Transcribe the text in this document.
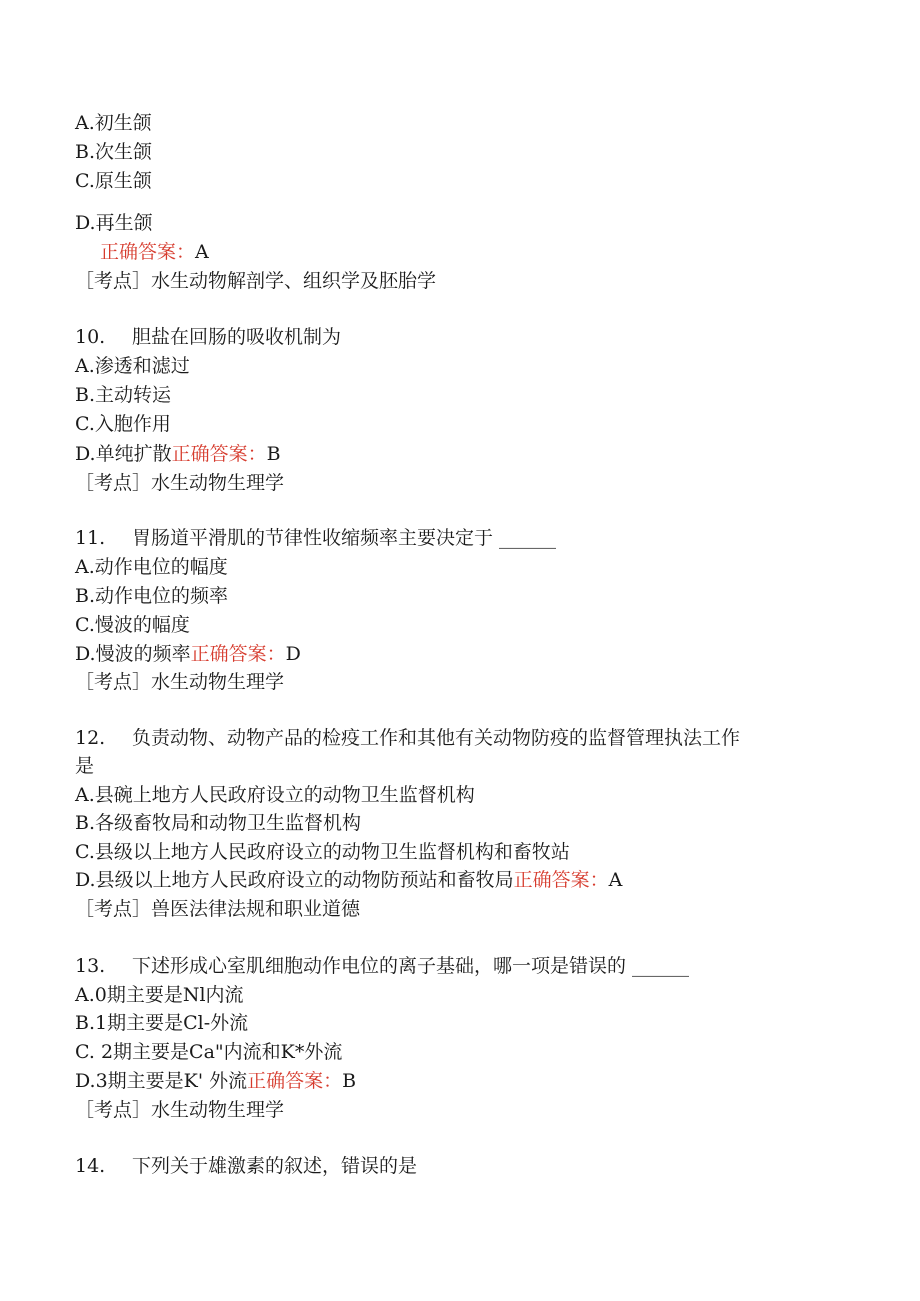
A.初生颌
B.次生颌
C.原生颌
D.再生颌
正确答案：A
［考点］水生动物解剖学、组织学及胚胎学
10. 胆盐在回肠的吸收机制为
A.渗透和滤过
B.主动转运
C.入胞作用
D.单纯扩散正确答案：B
［考点］水生动物生理学
11. 胃肠道平滑肌的节律性收缩频率主要决定于 ______
A.动作电位的幅度
B.动作电位的频率
C.慢波的幅度
D.慢波的频率正确答案：D
［考点］水生动物生理学
12. 负责动物、动物产品的检疫工作和其他有关动物防疫的监督管理执法工作
是
A.县碗上地方人民政府设立的动物卫生监督机构
B.各级畜牧局和动物卫生监督机构
C.县级以上地方人民政府设立的动物卫生监督机构和畜牧站
D.县级以上地方人民政府设立的动物防预站和畜牧局正确答案：A
［考点］兽医法律法规和职业道德
13. 下述形成心室肌细胞动作电位的离子基础，哪一项是错误的 ______
A.0期主要是Nl内流
B.1期主要是Cl-外流
C. 2期主要是Ca"内流和K*外流
D.3期主要是K' 外流正确答案：B
［考点］水生动物生理学
14. 下列关于雄激素的叙述，错误的是
